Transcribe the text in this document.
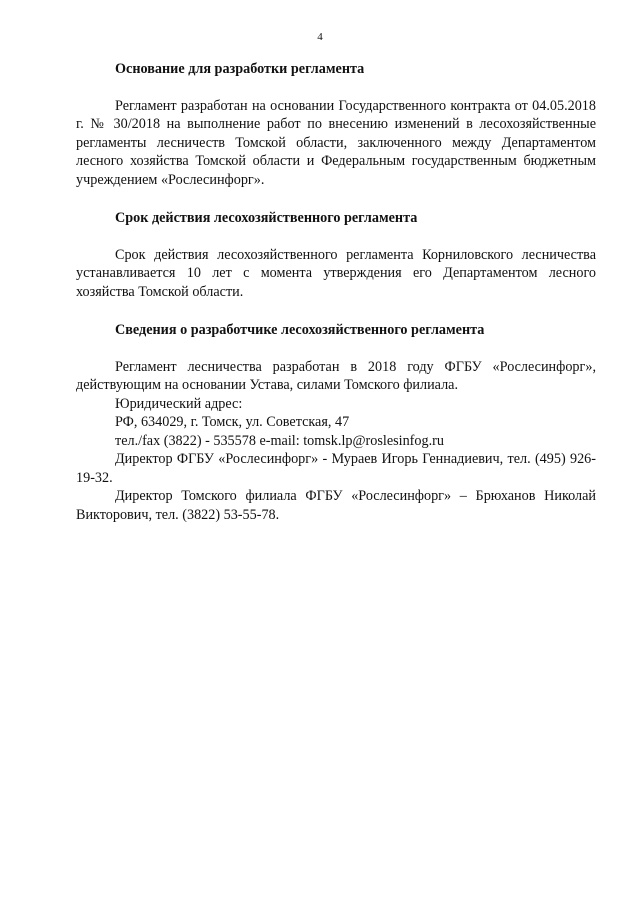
4

Основание для разработки регламента

Регламент разработан на основании Государственного контракта от 04.05.2018 г. № 30/2018 на выполнение работ по внесению изменений в лесохозяйственные регламенты лесничеств Томской области, заключенного между Департаментом лесного хозяйства Томской области и Федеральным государственным бюджетным учреждением «Рослесинфорг».

Срок действия лесохозяйственного регламента

Срок действия лесохозяйственного регламента Корниловского лесничества устанавливается 10 лет с момента утверждения его Департаментом лесного хозяйства Томской области.

Сведения о разработчике лесохозяйственного регламента

Регламент лесничества разработан в 2018 году ФГБУ «Рослесинфорг», действующим на основании Устава, силами Томского филиала.

Юридический адрес:

РФ, 634029, г. Томск, ул. Советская, 47

тел./fax (3822) - 535578 e-mail: tomsk.lp@roslesinfog.ru

Директор ФГБУ «Рослесинфорг» - Мураев Игорь Геннадиевич, тел. (495) 926-19-32.

Директор Томского филиала ФГБУ «Рослесинфорг» – Брюханов Николай Викторович, тел. (3822) 53-55-78.
